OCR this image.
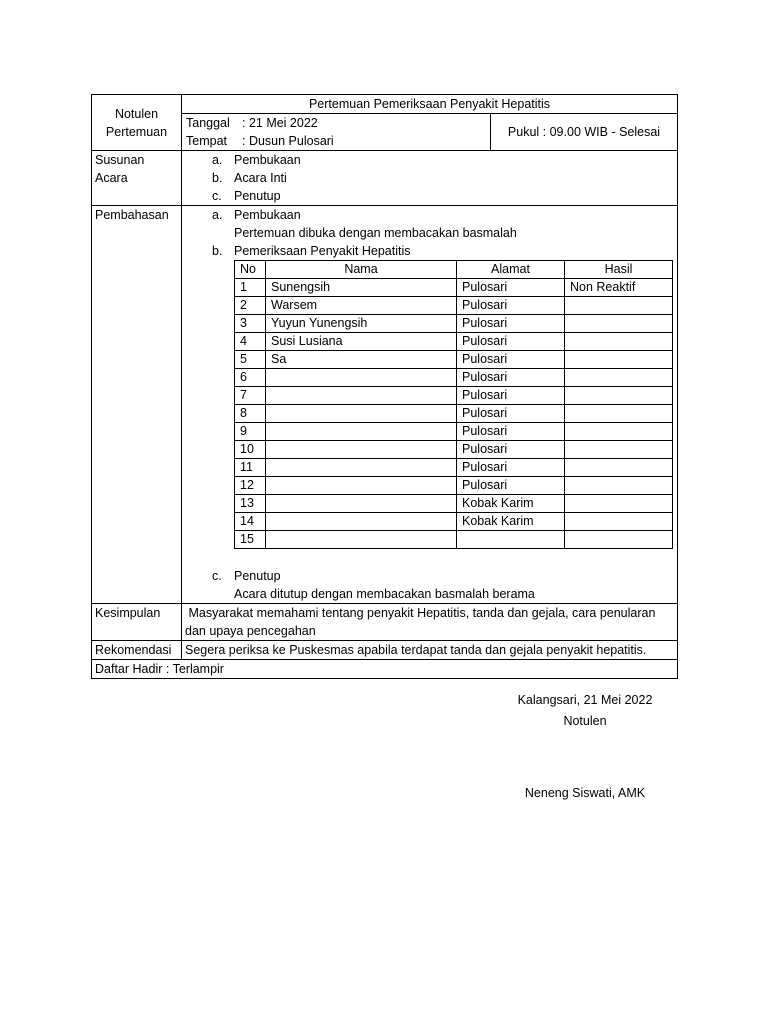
Notulen Pertemuan	Pertemuan Pemeriksaan Penyakit Hepatitis

Tanggal : 21 Mei 2022
Tempat : Dusun Pulosari
Pukul : 09.00 WIB - Selesai

Susunan Acara	
a. Pembukaan
b. Acara Inti
c. Penutup

Pembahasan	a. Pembukaan
Pertemuan dibuka dengan membacakan basmalah
b. Pemeriksaan Penyakit Hepatitis
No	Nama	Alamat	Hasil
1	Sunengsih	Pulosari	Non Reaktif
2	Warsem	Pulosari	
3	Yuyun Yunengsih	Pulosari	
4	Susi Lusiana	Pulosari	
5	Sa	Pulosari	
6		Pulosari	
7		Pulosari	
8		Pulosari	
9		Pulosari	
10		Pulosari	
11		Pulosari	
12		Pulosari	
13		Kobak Karim	
14		Kobak Karim	
15			
c. Penutup
Acara ditutup dengan membacakan basmalah berama

Kesimpulan	Masyarakat memahami tentang penyakit Hepatitis, tanda dan gejala, cara penularan dan upaya pencegahan
Rekomendasi	Segera periksa ke Puskesmas apabila terdapat tanda dan gejala penyakit hepatitis.
Daftar Hadir : Terlampir
Kalangsari, 21 Mei 2022
Notulen
Neneng Siswati, AMK
